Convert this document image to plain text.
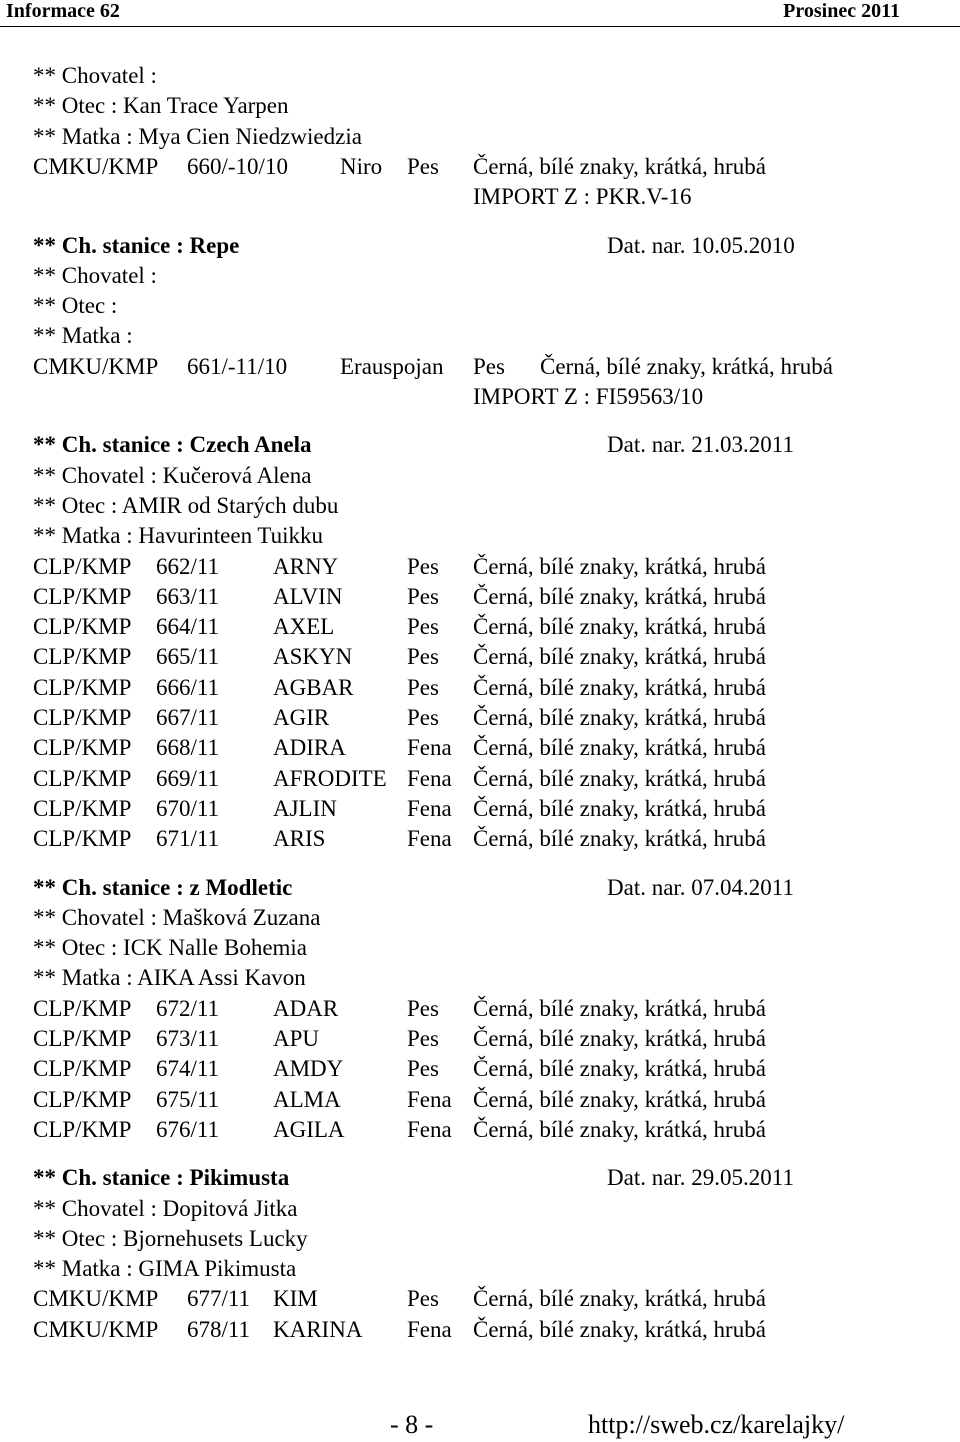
Informace 62	Prosinec 2011
** Chovatel :
** Otec : Kan Trace Yarpen
** Matka : Mya Cien Niedzwiedzia
CMKU/KMP 660/-10/10 Niro Pes Černá, bílé znaky, krátká, hrubá
IMPORT Z : PKR.V-16
** Ch. stanice : Repe	Dat. nar. 10.05.2010
** Chovatel :
** Otec :
** Matka :
CMKU/KMP 661/-11/10 Erauspojan Pes Černá, bílé znaky, krátká, hrubá
IMPORT Z : FI59563/10
** Ch. stanice : Czech Anela	Dat. nar. 21.03.2011
** Chovatel : Kučerová Alena
** Otec : AMIR od Starých dubu
** Matka : Havurinteen Tuikku
CLP/KMP 662/11 ARNY	Pes Černá, bílé znaky, krátká, hrubá
CLP/KMP 663/11 ALVIN	Pes Černá, bílé znaky, krátká, hrubá
CLP/KMP 664/11 AXEL	Pes Černá, bílé znaky, krátká, hrubá
CLP/KMP 665/11 ASKYN Pes Černá, bílé znaky, krátká, hrubá
CLP/KMP 666/11 AGBAR Pes Černá, bílé znaky, krátká, hrubá
CLP/KMP 667/11 AGIR	Pes Černá, bílé znaky, krátká, hrubá
CLP/KMP 668/11 ADIRA	Fena Černá, bílé znaky, krátká, hrubá
CLP/KMP 669/11 AFRODITE Fena Černá, bílé znaky, krátká, hrubá
CLP/KMP 670/11 AJLIN	Fena Černá, bílé znaky, krátká, hrubá
CLP/KMP 671/11 ARIS	Fena Černá, bílé znaky, krátká, hrubá
** Ch. stanice : z Modletic	Dat. nar. 07.04.2011
** Chovatel : Mašková Zuzana
** Otec : ICK Nalle Bohemia
** Matka : AIKA Assi Kavon
CLP/KMP 672/11 ADAR	Pes Černá, bílé znaky, krátká, hrubá
CLP/KMP 673/11 APU	Pes Černá, bílé znaky, krátká, hrubá
CLP/KMP 674/11 AMDY	Pes Černá, bílé znaky, krátká, hrubá
CLP/KMP 675/11 ALMA	Fena Černá, bílé znaky, krátká, hrubá
CLP/KMP 676/11 AGILA	Fena Černá, bílé znaky, krátká, hrubá
** Ch. stanice : Pikimusta	Dat. nar. 29.05.2011
** Chovatel : Dopitová Jitka
** Otec : Bjornehusets Lucky
** Matka : GIMA Pikimusta
CMKU/KMP 677/11 KIM	Pes Černá, bílé znaky, krátká, hrubá
CMKU/KMP 678/11 KARINA Fena Černá, bílé znaky, krátká, hrubá
- 8 -	http://sweb.cz/karelajky/
